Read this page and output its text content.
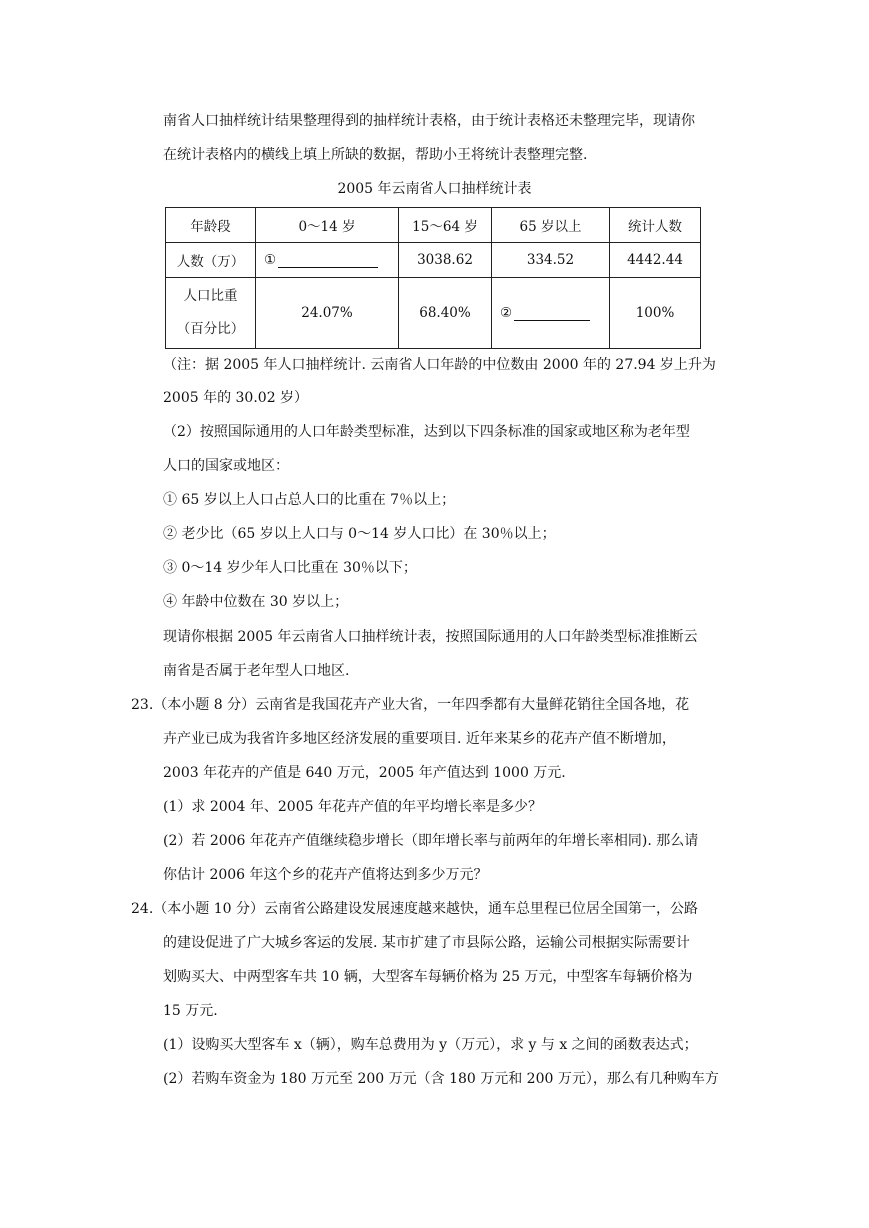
南省人口抽样统计结果整理得到的抽样统计表格，由于统计表格还未整理完毕，现请你
在统计表格内的横线上填上所缺的数据，帮助小王将统计表整理完整.
2005 年云南省人口抽样统计表
年龄段	0～14 岁	15～64 岁	65 岁以上	统计人数
人数（万）	①	3038.62	334.52	4442.44
人口比重
（百分比）	24.07%	68.40%	②	100%
（注：据 2005 年人口抽样统计. 云南省人口年龄的中位数由 2000 年的 27.94 岁上升为
2005 年的 30.02 岁）
（2）按照国际通用的人口年龄类型标准，达到以下四条标准的国家或地区称为老年型
人口的国家或地区：
① 65 岁以上人口占总人口的比重在 7％以上；
② 老少比（65 岁以上人口与 0～14 岁人口比）在 30％以上；
③ 0～14 岁少年人口比重在 30％以下；
④ 年龄中位数在 30 岁以上；
现请你根据 2005 年云南省人口抽样统计表，按照国际通用的人口年龄类型标准推断云
南省是否属于老年型人口地区.
23.（本小题 8 分）云南省是我国花卉产业大省，一年四季都有大量鲜花销往全国各地，花
卉产业已成为我省许多地区经济发展的重要项目. 近年来某乡的花卉产值不断增加，
2003 年花卉的产值是 640 万元，2005 年产值达到 1000 万元.
(1）求 2004 年、2005 年花卉产值的年平均增长率是多少？
(2）若 2006 年花卉产值继续稳步增长（即年增长率与前两年的年增长率相同). 那么请
你估计 2006 年这个乡的花卉产值将达到多少万元？
24.（本小题 10 分）云南省公路建设发展速度越来越快，通车总里程已位居全国第一，公路
的建设促进了广大城乡客运的发展. 某市扩建了市县际公路，运输公司根据实际需要计
划购买大、中两型客车共 10 辆，大型客车每辆价格为 25 万元，中型客车每辆价格为
15 万元.
(1）设购买大型客车 x（辆），购车总费用为 y（万元），求 y 与 x 之间的函数表达式；
(2）若购车资金为 180 万元至 200 万元（含 180 万元和 200 万元），那么有几种购车方
